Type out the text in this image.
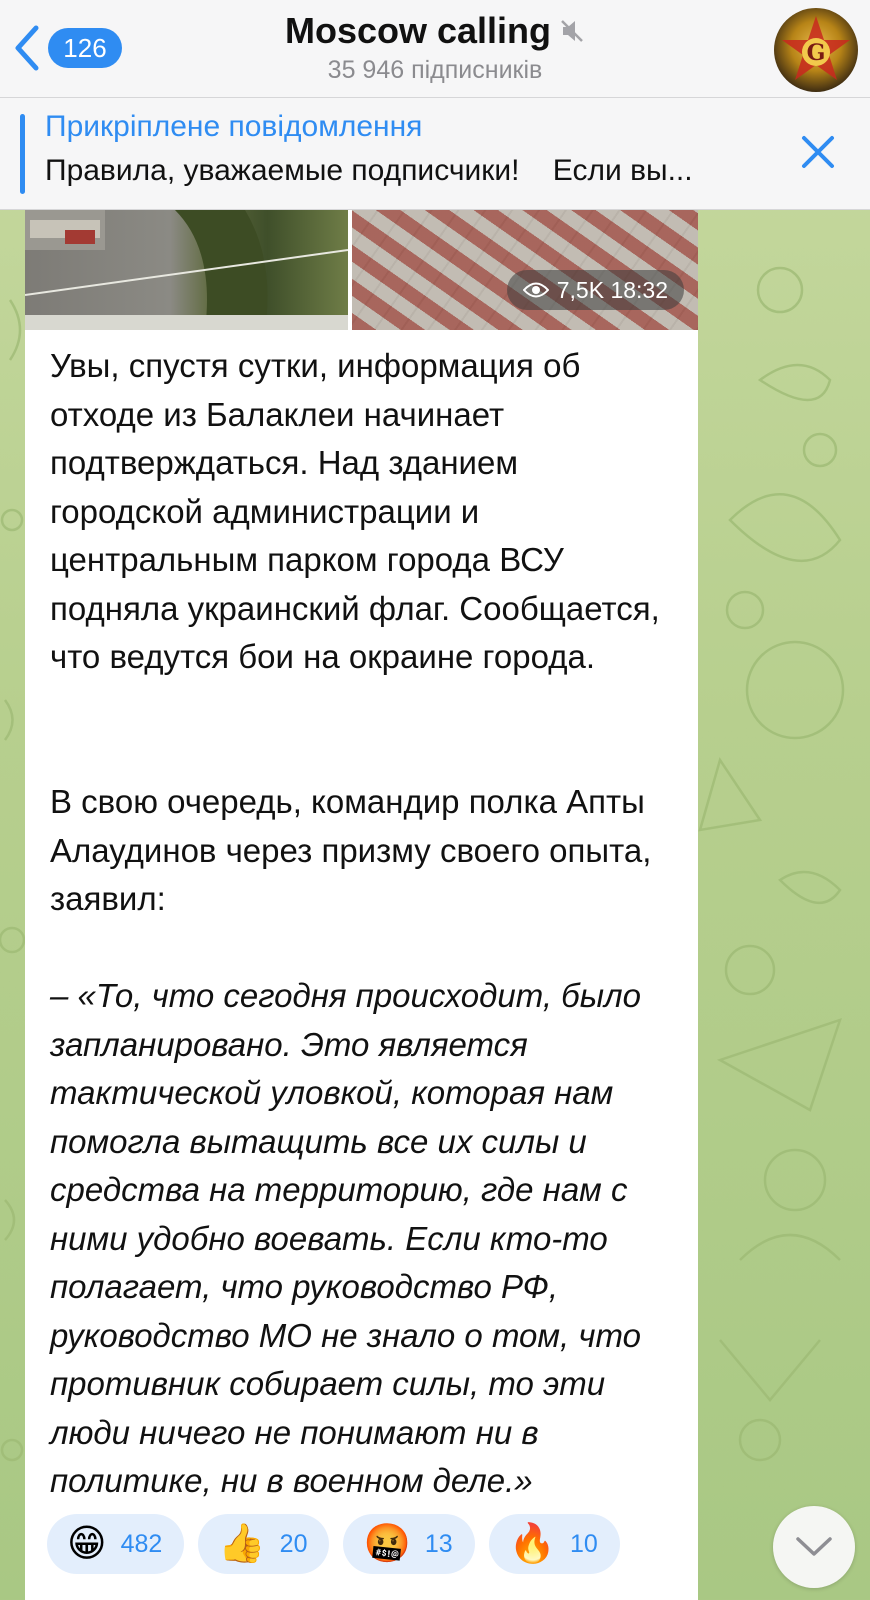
126	Moscow calling
35 946 підписників
G
Прикріплене повідомлення
Правила, уважаемые подписчики!    Если вы...
7,5K 18:32
Увы, спустя сутки, информация об отходе из Балаклеи начинает подтверждаться. Над зданием городской администрации и центральным парком города ВСУ подняла украинский флаг. Сообщается, что ведутся бои на окраине города.
В свою очередь, командир полка Апты Алаудинов через призму своего опыта, заявил:
– «То, что сегодня происходит, было запланировано. Это является тактической уловкой, которая нам помогла вытащить все их силы и средства на территорию, где нам с ними удобно воевать. Если кто-то полагает, что руководство РФ, руководство МО не знало о том, что противник собирает силы, то эти люди ничего не понимают ни в политике, ни в военном деле.»
😁 482 👍 20 🤬 13 🔥 10
